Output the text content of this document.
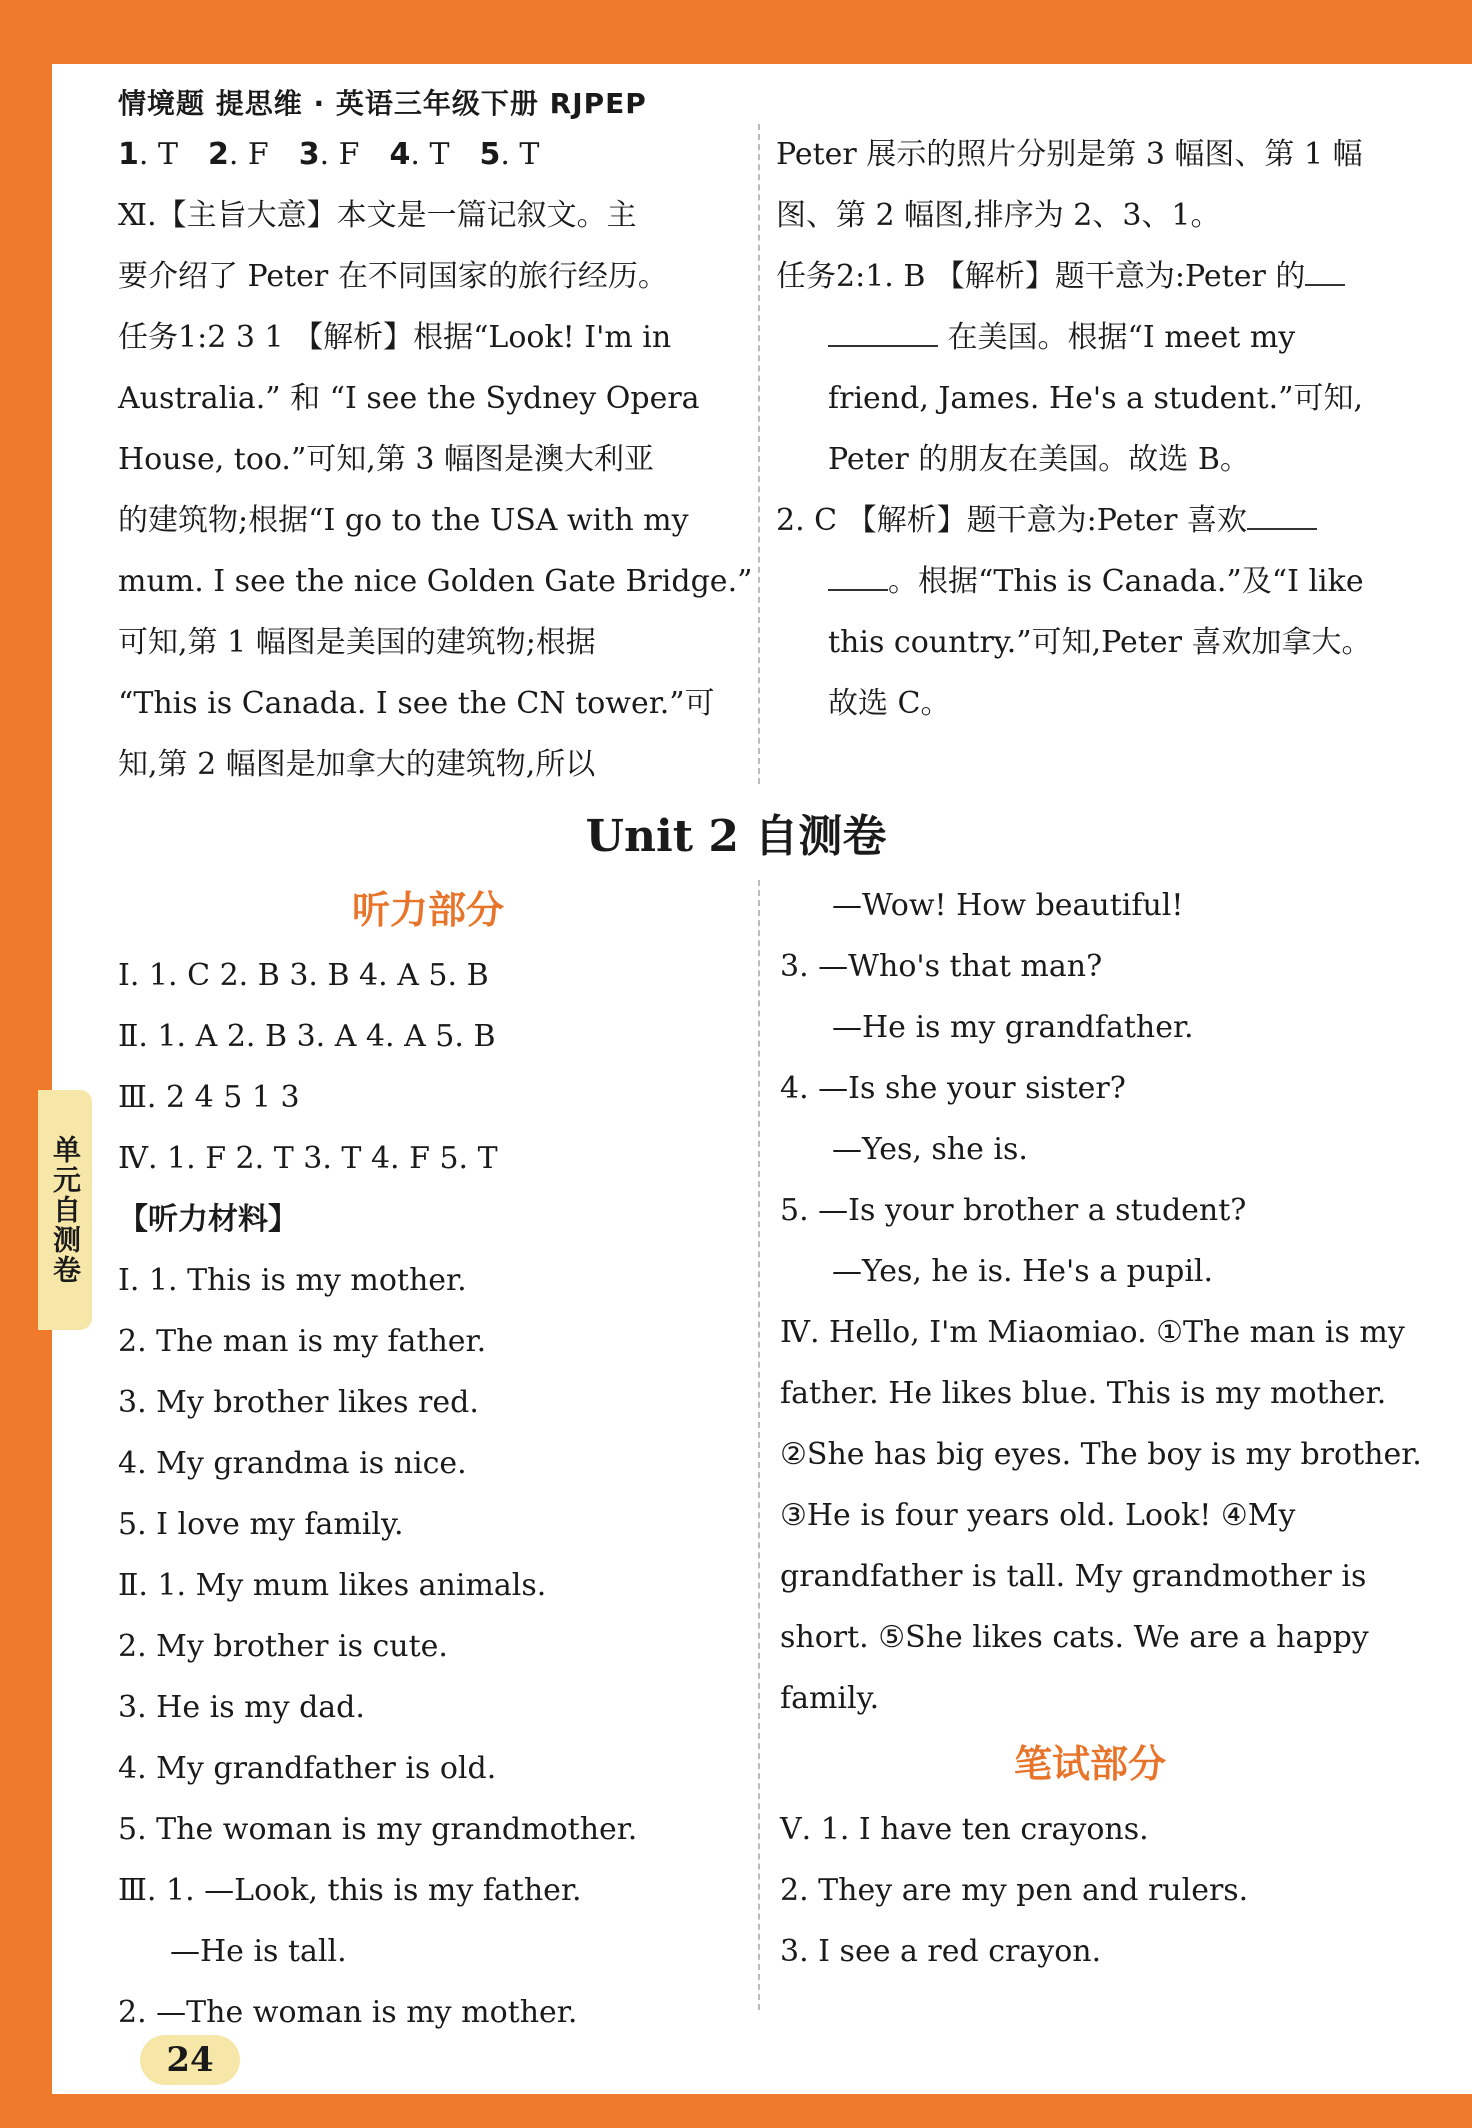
情境题 提思维 · 英语三年级下册 RJPEP

1. T　2. F　3. F　4. T　5. T

Ⅺ.【主旨大意】本文是一篇记叙文。主

要介绍了 Peter 在不同国家的旅行经历。

任务1:2 3 1 【解析】根据“Look! I'm in

Australia.” 和 “I see the Sydney Opera

House, too.”可知,第 3 幅图是澳大利亚

的建筑物;根据“I go to the USA with my

mum. I see the nice Golden Gate Bridge.”

可知,第 1 幅图是美国的建筑物;根据

“This is Canada. I see the CN tower.”可

知,第 2 幅图是加拿大的建筑物,所以

Peter 展示的照片分别是第 3 幅图、第 1 幅

图、第 2 幅图,排序为 2、3、1。

任务2:1. B 【解析】题干意为:Peter 的

在美国。根据“I meet my

friend, James. He's a student.”可知,

Peter 的朋友在美国。故选 B。

2. C 【解析】题干意为:Peter 喜欢

。根据“This is Canada.”及“I like

this country.”可知,Peter 喜欢加拿大。

故选 C。

Unit 2 自测卷
听力部分

Ⅰ. 1. C 2. B 3. B 4. A 5. B

Ⅱ. 1. A 2. B 3. A 4. A 5. B

Ⅲ. 2 4 5 1 3

Ⅳ. 1. F 2. T 3. T 4. F 5. T

【听力材料】

Ⅰ. 1. This is my mother.

2. The man is my father.

3. My brother likes red.

4. My grandma is nice.

5. I love my family.

Ⅱ. 1. My mum likes animals.

2. My brother is cute.

3. He is my dad.

4. My grandfather is old.

5. The woman is my grandmother.

Ⅲ. 1. —Look, this is my father.

—He is tall.

2. —The woman is my mother.

—Wow! How beautiful!

3. —Who's that man?

—He is my grandfather.

4. —Is she your sister?

—Yes, she is.

5. —Is your brother a student?

—Yes, he is. He's a pupil.

Ⅳ. Hello, I'm Miaomiao. ①The man is my

father. He likes blue. This is my mother.

②She has big eyes. The boy is my brother.

③He is four years old. Look! ④My

grandfather is tall. My grandmother is

short. ⑤She likes cats. We are a happy

family.

笔试部分

Ⅴ. 1. I have ten crayons.

2. They are my pen and rulers.

3. I see a red crayon.

单元自测卷
24
